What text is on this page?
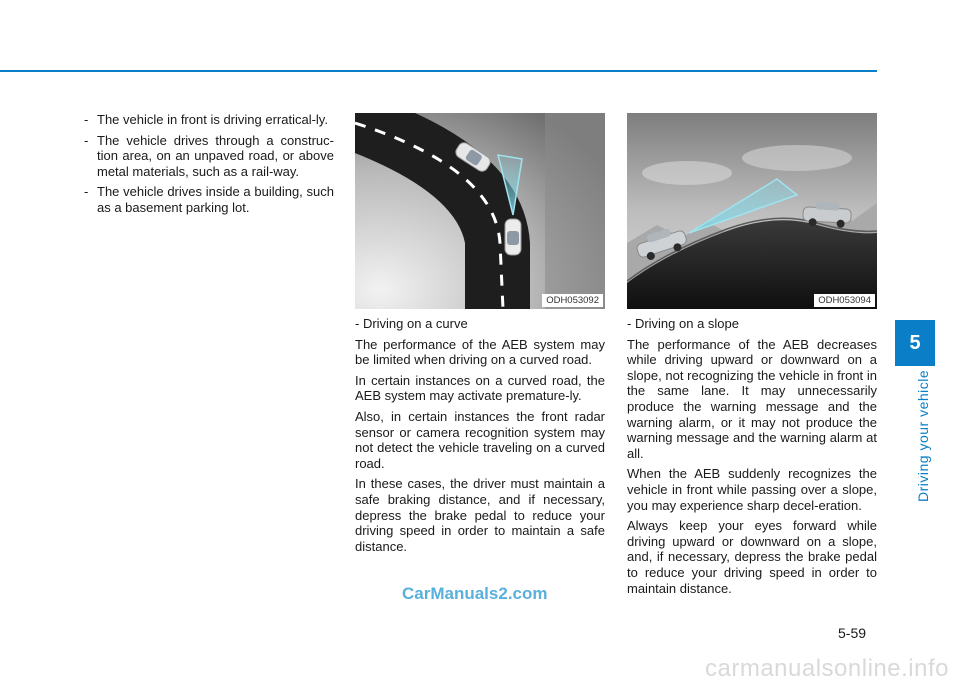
5
Driving your vehicle
- The vehicle in front is driving erratical-ly.
- The vehicle drives through a construc-tion area, on an unpaved road, or above metal materials, such as a rail-way.
- The vehicle drives inside a building, such as a basement parking lot.
ODH053092	ODH053094

- Driving on a curve

The performance of the AEB system may be limited when driving on a curved road.

In certain instances on a curved road, the AEB system may activate premature-ly.

Also, in certain instances the front radar sensor or camera recognition system may not detect the vehicle traveling on a curved road.

In these cases, the driver must maintain a safe braking distance, and if necessary, depress the brake pedal to reduce your driving speed in order to maintain a safe distance.

- Driving on a slope

The performance of the AEB decreases while driving upward or downward on a slope, not recognizing the vehicle in front in the same lane. It may unnecessarily produce the warning message and the warning alarm, or it may not produce the warning message and the warning alarm at all.

When the AEB suddenly recognizes the vehicle in front while passing over a slope, you may experience sharp decel-eration.

Always keep your eyes forward while driving upward or downward on a slope, and, if necessary, depress the brake pedal to reduce your driving speed in order to maintain distance.

5-59
CarManuals2.com
carmanualsonline.info
